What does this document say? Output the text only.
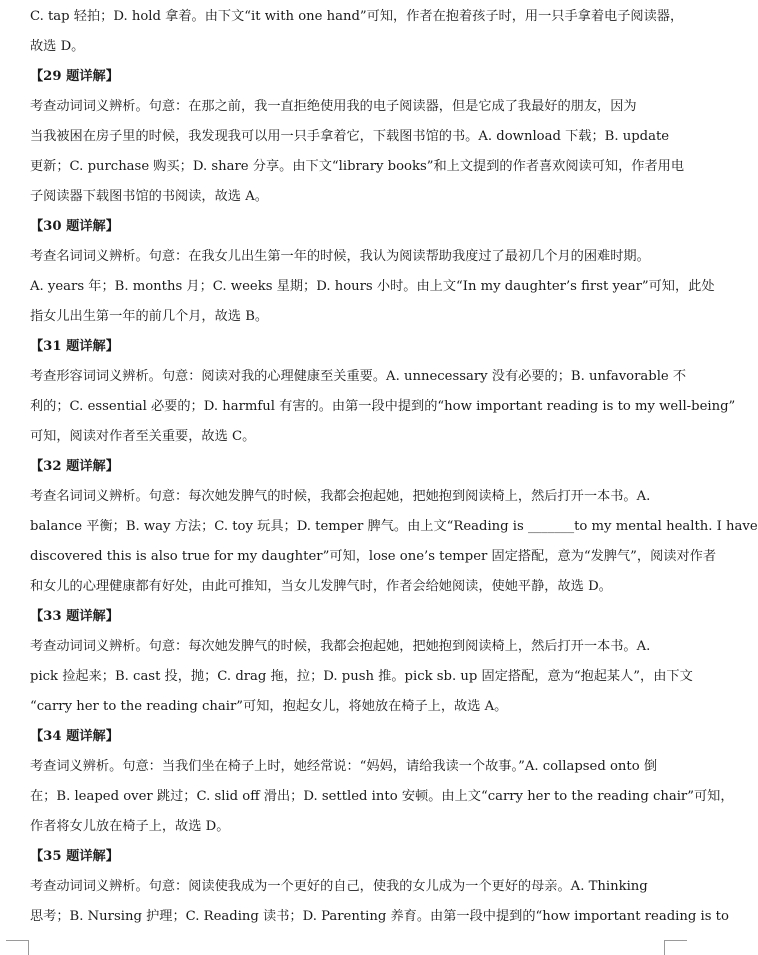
C. tap 轻拍；D. hold 拿着。由下文“it with one hand”可知，作者在抱着孩子时，用一只手拿着电子阅读器，
故选 D。
【29 题详解】
考查动词词义辨析。句意：在那之前，我一直拒绝使用我的电子阅读器，但是它成了我最好的朋友，因为
当我被困在房子里的时候，我发现我可以用一只手拿着它，下载图书馆的书。A. download 下载；B. update
更新；C. purchase 购买；D. share 分享。由下文“library books”和上文提到的作者喜欢阅读可知，作者用电
子阅读器下载图书馆的书阅读，故选 A。
【30 题详解】
考查名词词义辨析。句意：在我女儿出生第一年的时候，我认为阅读帮助我度过了最初几个月的困难时期。
A. years 年；B. months 月；C. weeks 星期；D. hours 小时。由上文“In my daughter’s first year”可知，此处
指女儿出生第一年的前几个月，故选 B。
【31 题详解】
考查形容词词义辨析。句意：阅读对我的心理健康至关重要。A. unnecessary 没有必要的；B. unfavorable 不
利的；C. essential 必要的；D. harmful 有害的。由第一段中提到的“how important reading is to my well-being”
可知，阅读对作者至关重要，故选 C。
【32 题详解】
考查名词词义辨析。句意：每次她发脾气的时候，我都会抱起她，把她抱到阅读椅上，然后打开一本书。A.
balance 平衡；B. way 方法；C. toy 玩具；D. temper 脾气。由上文“Reading is _______to my mental health. I have
discovered this is also true for my daughter”可知，lose one’s temper 固定搭配，意为“发脾气”，阅读对作者
和女儿的心理健康都有好处，由此可推知，当女儿发脾气时，作者会给她阅读，使她平静，故选 D。
【33 题详解】
考查动词词义辨析。句意：每次她发脾气的时候，我都会抱起她，把她抱到阅读椅上，然后打开一本书。A.
pick 捡起来；B. cast 投，抛；C. drag 拖，拉；D. push 推。pick sb. up 固定搭配，意为“抱起某人”，由下文
“carry her to the reading chair”可知，抱起女儿，将她放在椅子上，故选 A。
【34 题详解】
考查词义辨析。句意：当我们坐在椅子上时，她经常说：“妈妈，请给我读一个故事。”A. collapsed onto 倒
在；B. leaped over 跳过；C. slid off 滑出；D. settled into 安顿。由上文“carry her to the reading chair”可知，
作者将女儿放在椅子上，故选 D。
【35 题详解】
考查动词词义辨析。句意：阅读使我成为一个更好的自己，使我的女儿成为一个更好的母亲。A. Thinking
思考；B. Nursing 护理；C. Reading 读书；D. Parenting 养育。由第一段中提到的“how important reading is to
